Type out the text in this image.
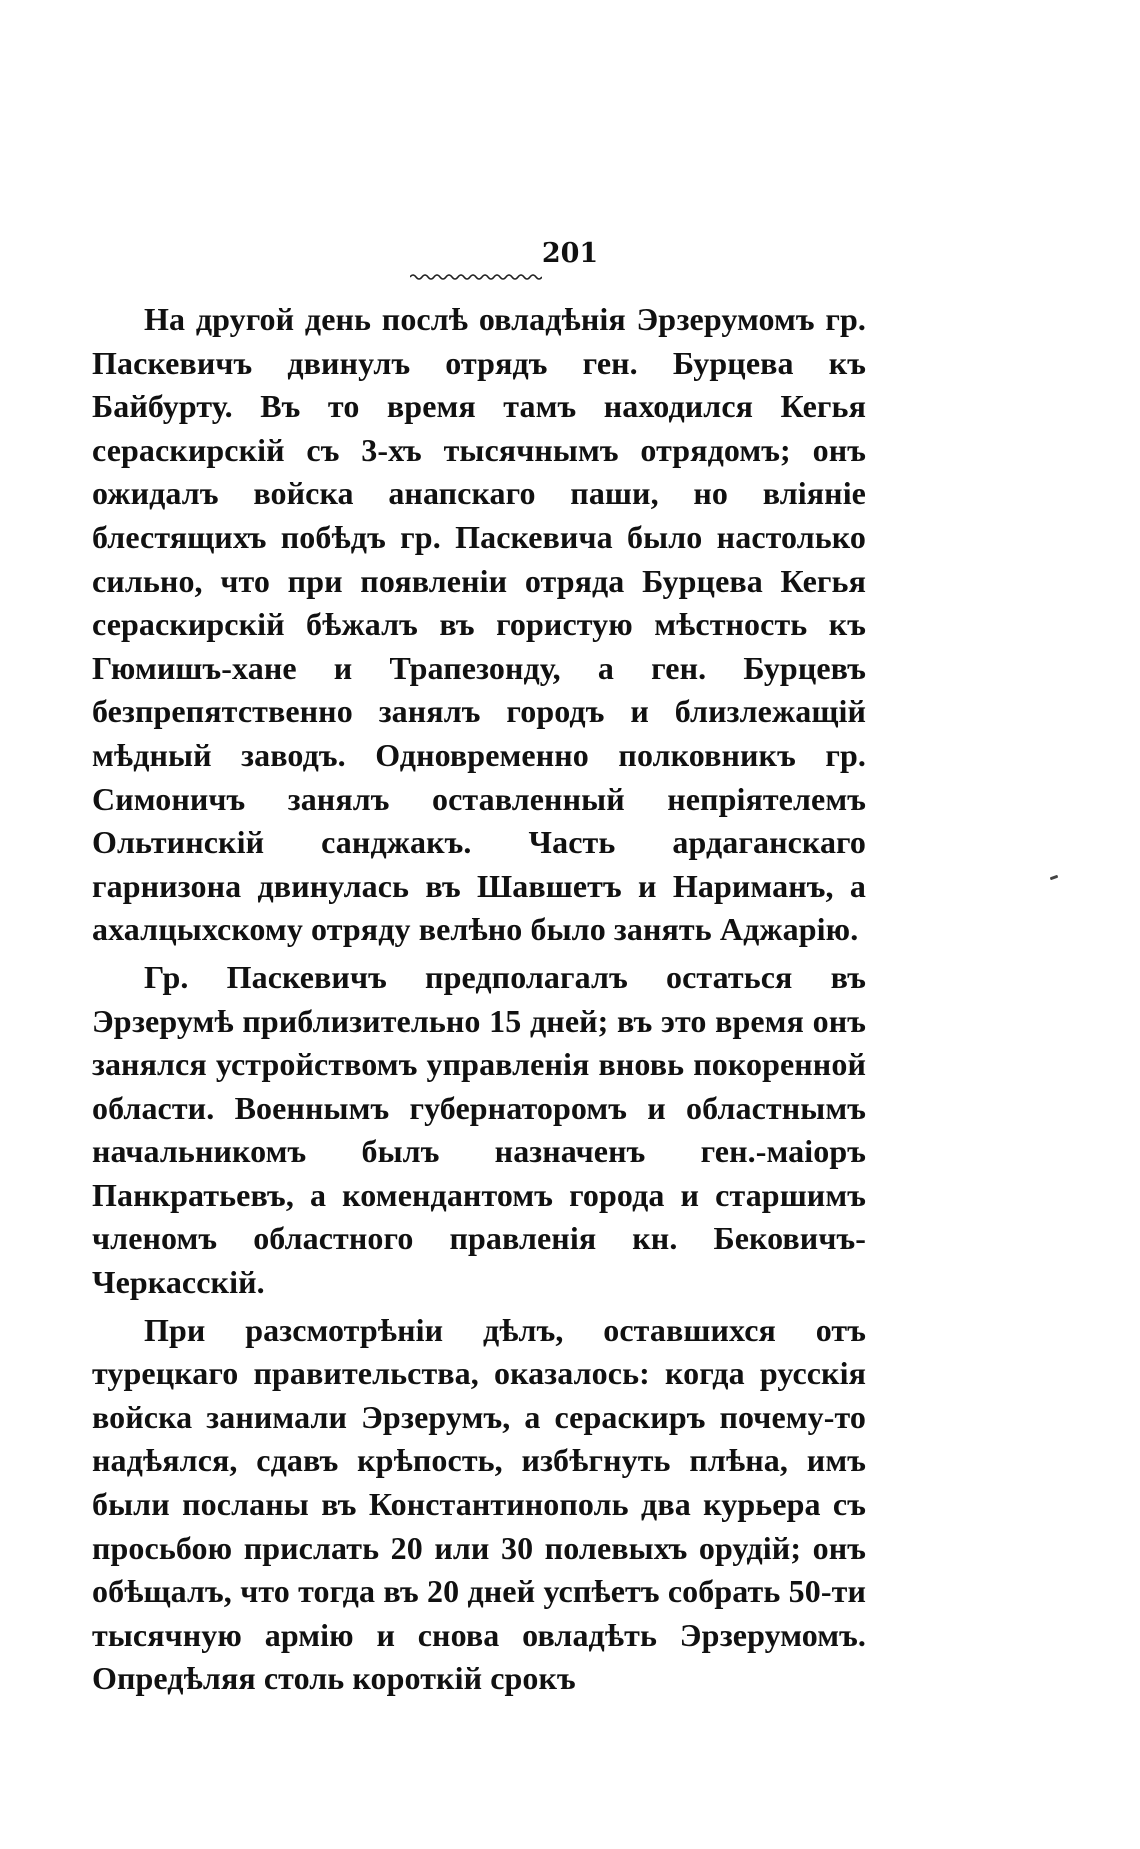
201

На другой день послѣ овладѣнія Эрзерумомъ гр. Паскевичъ двинулъ отрядъ ген. Бурцева къ Байбурту. Въ то время тамъ находился Кегья сераскирскій съ 3-хъ тысячнымъ отрядомъ; онъ ожидалъ войска анапскаго паши, но вліяніе блестящихъ побѣдъ гр. Паскевича было настолько сильно, что при появленіи отряда Бурцева Кегья сераскирскій бѣжалъ въ гористую мѣстность къ Гюмишъ-хане и Трапезонду, а ген. Бурцевъ безпрепятственно занялъ городъ и близлежащій мѣдный заводъ. Одновременно полковникъ гр. Симоничъ занялъ оставленный непріятелемъ Ольтинскій санджакъ. Часть ардаганскаго гарнизона двинулась въ Шавшетъ и Нариманъ, а ахалцыхскому отряду велѣно было занять Аджарію.

Гр. Паскевичъ предполагалъ остаться въ Эрзерумѣ приблизительно 15 дней; въ это время онъ занялся устройствомъ управленія вновь покоренной области. Военнымъ губернаторомъ и областнымъ начальникомъ былъ назначенъ ген.-маіоръ Панкратьевъ, а комендантомъ города и старшимъ членомъ областного правленія кн. Бековичъ-Черкасскій.

При разсмотрѣніи дѣлъ, оставшихся отъ турецкаго правительства, оказалось: когда русскія войска занимали Эрзерумъ, а сераскиръ почему-то надѣялся, сдавъ крѣпость, избѣгнуть плѣна, имъ были посланы въ Константинополь два курьера съ просьбою прислать 20 или 30 полевыхъ орудій; онъ обѣщалъ, что тогда въ 20 дней успѣетъ собрать 50-ти тысячную армію и снова овладѣть Эрзерумомъ. Опредѣляя столь короткій срокъ
